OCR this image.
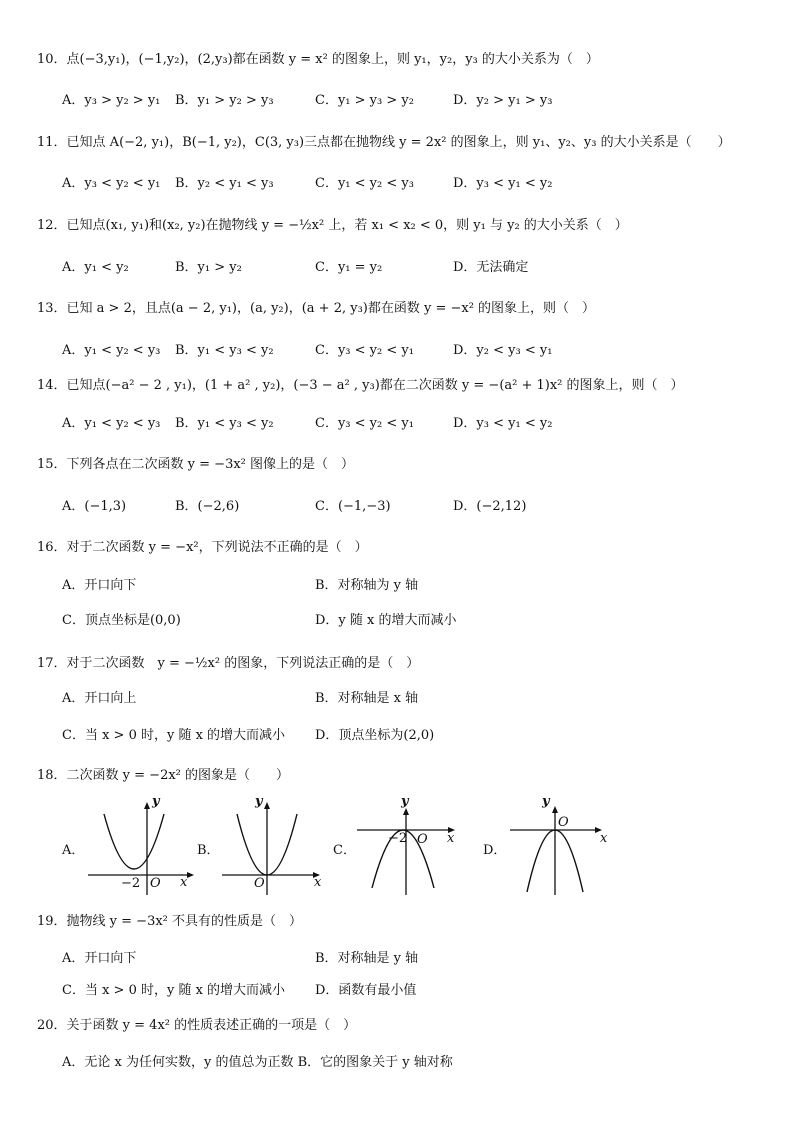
10．点(−3,y₁)，(−1,y₂)，(2,y₃)都在函数 y = x² 的图象上，则 y₁，y₂，y₃ 的大小关系为（　）
A．y₃ > y₂ > y₁ B．y₁ > y₂ > y₃	C．y₁ > y₃ > y₂	D．y₂ > y₁ > y₃
11．已知点 A(−2, y₁)，B(−1, y₂)，C(3, y₃)三点都在抛物线 y = 2x² 的图象上，则 y₁、y₂、y₃ 的大小关系是（　　）
A．y₃ < y₂ < y₁ B．y₂ < y₁ < y₃	C．y₁ < y₂ < y₃	D．y₃ < y₁ < y₂
12．已知点(x₁, y₁)和(x₂, y₂)在抛物线 y = −½x² 上，若 x₁ < x₂ < 0，则 y₁ 与 y₂ 的大小关系（　）
A．y₁ < y₂	B．y₁ > y₂	C．y₁ = y₂	D．无法确定
13．已知 a > 2，且点(a − 2, y₁)，(a, y₂)，(a + 2, y₃)都在函数 y = −x² 的图象上，则（　）
A．y₁ < y₂ < y₃ B．y₁ < y₃ < y₂	C．y₃ < y₂ < y₁	D．y₂ < y₃ < y₁
14．已知点(−a² − 2 , y₁)，(1 + a² , y₂)，(−3 − a² , y₃)都在二次函数 y = −(a² + 1)x² 的图象上，则（　）
A．y₁ < y₂ < y₃ B．y₁ < y₃ < y₂	C．y₃ < y₂ < y₁	D．y₃ < y₁ < y₂
15．下列各点在二次函数 y = −3x² 图像上的是（　）
A．(−1,3)	B．(−2,6)	C．(−1,−3)	D．(−2,12)
16．对于二次函数 y = −x²，下列说法不正确的是（　）
A．开口向下	B．对称轴为 y 轴
C．顶点坐标是(0,0)	D．y 随 x 的增大而减小
17．对于二次函数　y = −½x² 的图象，下列说法正确的是（　）
A．开口向上	B．对称轴是 x 轴
C．当 x > 0 时，y 随 x 的增大而减小 D．顶点坐标为(2,0)
18．二次函数 y = −2x² 的图象是（　　）
A．	B．	C．	D．
y
x
O
−2
y
x
O
y
x
O
−2
y
x
O
19．抛物线 y = −3x² 不具有的性质是（　）
A．开口向下	B．对称轴是 y 轴
C．当 x > 0 时，y 随 x 的增大而减小 D．函数有最小值
20．关于函数 y = 4x² 的性质表述正确的一项是（　）
A．无论 x 为任何实数，y 的值总为正数 B．它的图象关于 y 轴对称
